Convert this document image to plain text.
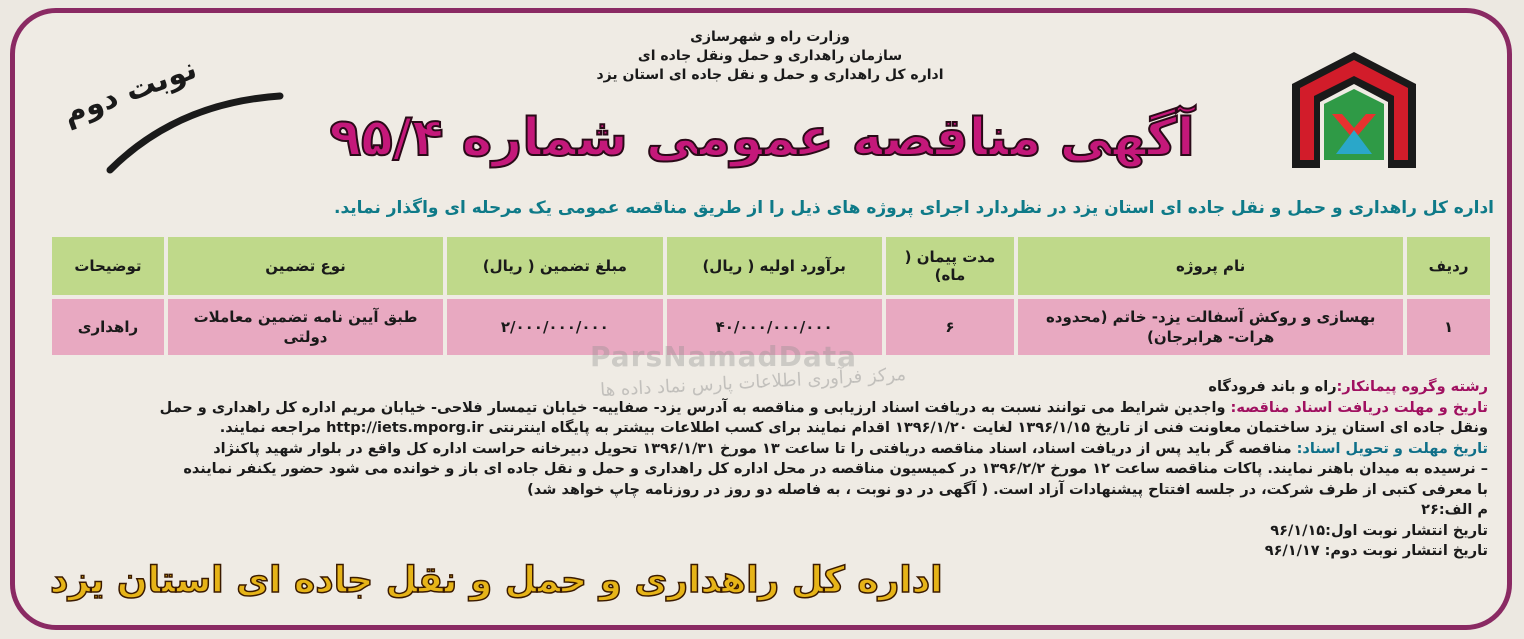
وزارت راه و شهرسازی
سازمان راهداری و حمل ونقل جاده ای
اداره کل راهداری و حمل و نقل جاده ای استان یزد
نوبت دوم
آگهی مناقصه عمومی شماره ۹۵/۴
اداره کل راهداری و حمل و نقل جاده ای استان یزد در نظردارد اجرای پروژه های ذیل را از طریق مناقصه عمومی یک مرحله ای واگذار نماید.
ردیف	نام پروژه	مدت پیمان ( ماه)	برآورد اولیه ( ریال)	مبلغ تضمین ( ریال)	نوع تضمین	توضیحات
۱	بهسازی و روکش آسفالت یزد- خاتم (محدوده هرات- هرابرجان)	۶	۴۰/۰۰۰/۰۰۰/۰۰۰	۲/۰۰۰/۰۰۰/۰۰۰	طبق آیین نامه تضمین معاملات دولتی	راهداری
ParsNamadData
مرکز فرآوری اطلاعات پارس نماد داده ها	رشته وگروه پیمانکار:راه و باند فرودگاه
تاریخ و مهلت دریافت اسناد مناقصه: واجدین شرایط می توانند نسبت به دریافت اسناد ارزیابی و مناقصه به آدرس یزد- صفاییه- خیابان تیمسار فلاحی- خیابان مریم اداره کل راهداری و حمل
ونقل جاده ای استان یزد ساختمان معاونت فنی از تاریخ ۱۳۹۶/۱/۱۵ لغایت ۱۳۹۶/۱/۲۰ اقدام نمایند برای کسب اطلاعات بیشتر به پایگاه اینترنتی http://iets.mporg.ir مراجعه نمایند.
تاریخ مهلت و تحویل اسناد: مناقصه گر باید پس از دریافت اسناد، اسناد مناقصه دریافتی را تا ساعت ۱۳ مورخ ۱۳۹۶/۱/۳۱ تحویل دبیرخانه حراست اداره کل واقع در بلوار شهید پاکنژاد
– نرسیده به میدان باهنر نمایند. پاکات مناقصه ساعت ۱۲ مورخ ۱۳۹۶/۲/۲ در کمیسیون مناقصه در محل اداره کل راهداری و حمل و نقل جاده ای باز و خوانده می شود حضور یکنفر نماینده
با معرفی کتبی از طرف شرکت، در جلسه افتتاح پیشنهادات آزاد است. ( آگهی در دو نوبت ، به فاصله دو روز در روزنامه چاپ خواهد شد)
م الف:۲۶
تاریخ انتشار نوبت اول:۹۶/۱/۱۵
تاریخ انتشار نوبت دوم: ۹۶/۱/۱۷
اداره کل راهداری و حمل و نقل جاده ای استان یزد
